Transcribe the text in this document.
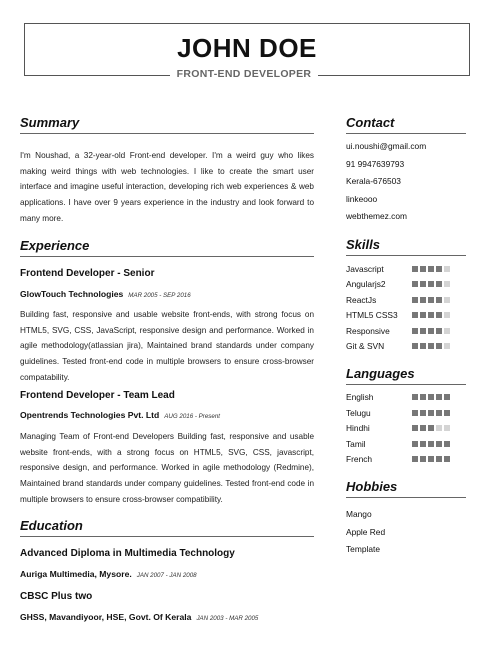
JOHN DOE
FRONT-END DEVELOPER
Summary
I'm Noushad, a 32-year-old Front-end developer. I'm a weird guy who likes making weird things with web technologies. I like to create the smart user interface and imagine useful interaction, developing rich web experiences & web applications. I have over 9 years experience in the industry and look forward to many more.
Experience
Frontend Developer - Senior
GlowTouch Technologies MAR 2005 - SEP 2016
Building fast, responsive and usable website front-ends, with strong focus on HTML5, SVG, CSS, JavaScript, responsive design and performance. Worked in agile methodology(atlassian jira), Maintained brand standards under company guidelines. Tested front-end code in multiple browsers to ensure cross-browser compatability.
Frontend Developer - Team Lead
Opentrends Technologies Pvt. Ltd AUG 2016 - Present
Managing Team of Front-end Developers Building fast, responsive and usable website front-ends, with a strong focus on HTML5, SVG, CSS, javascript, responsive design, and performance. Worked in agile methodology (Redmine), Maintained brand standards under company guidelines. Tested front-end code in multiple browsers to ensure cross-browser compatibility.
Education
Advanced Diploma in Multimedia Technology
Auriga Multimedia, Mysore. JAN 2007 - JAN 2008
CBSC Plus two
GHSS, Mavandiyoor, HSE, Govt. Of Kerala JAN 2003 - MAR 2005
Contact
ui.noushi@gmail.com
91 9947639793
Kerala-676503
linkeooo
webthemez.com
Skills
Javascript
Angularjs2
ReactJs
HTML5 CSS3
Responsive
Git & SVN
Languages
English
Telugu
Hindhi
Tamil
French
Hobbies
Mango
Apple Red
Template
